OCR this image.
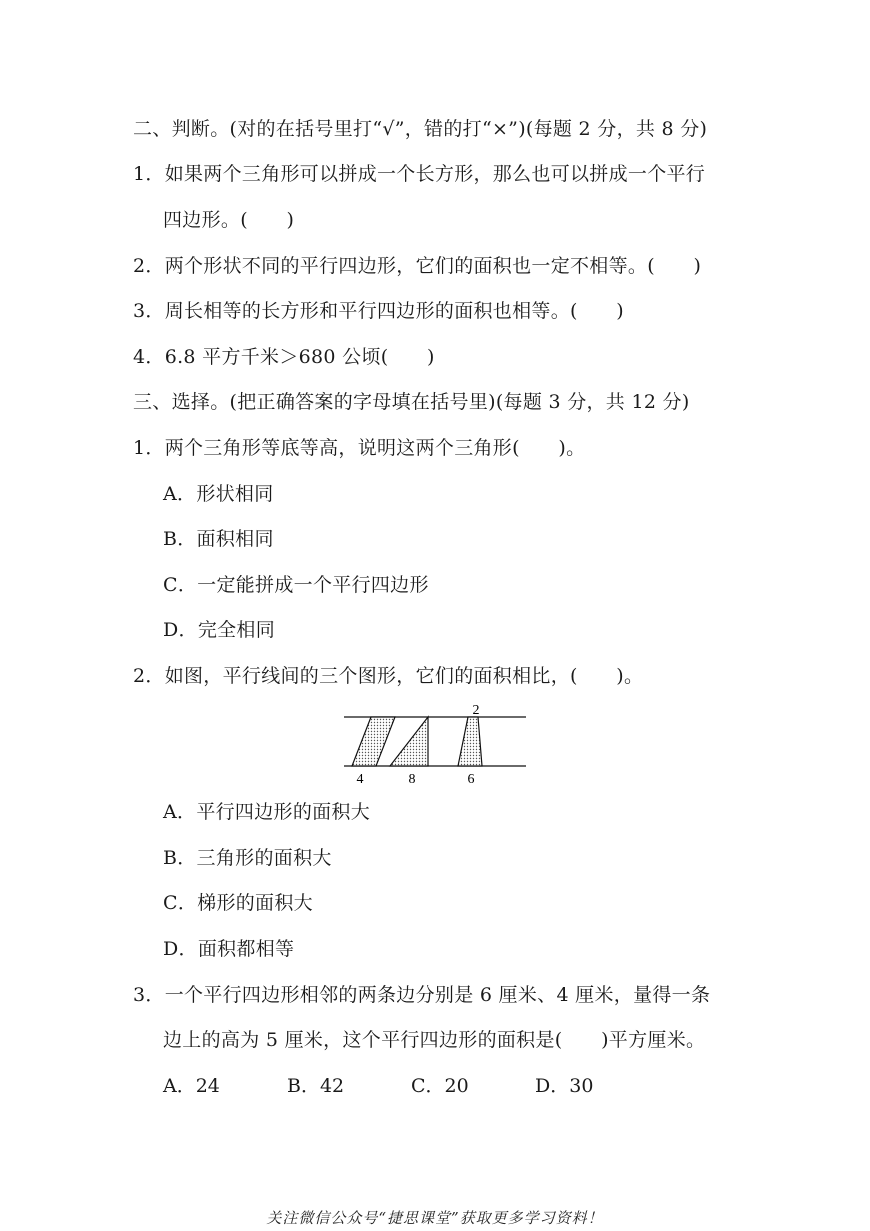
二、判断。(对的在括号里打“√”，错的打“×”)(每题 2 分，共 8 分)
1．如果两个三角形可以拼成一个长方形，那么也可以拼成一个平行
四边形。(　　)
2．两个形状不同的平行四边形，它们的面积也一定不相等。(　　)
3．周长相等的长方形和平行四边形的面积也相等。(　　)
4．6.8 平方千米＞680 公顷(　　)
三、选择。(把正确答案的字母填在括号里)(每题 3 分，共 12 分)
1．两个三角形等底等高，说明这两个三角形(　　)。
A．形状相同
B．面积相同
C．一定能拼成一个平行四边形
D．完全相同
2．如图，平行线间的三个图形，它们的面积相比，(　　)。
2
4	8	6
A．平行四边形的面积大
B．三角形的面积大
C．梯形的面积大
D．面积都相等
3．一个平行四边形相邻的两条边分别是 6 厘米、4 厘米，量得一条
边上的高为 5 厘米，这个平行四边形的面积是(　　)平方厘米。
A．24	B．42	C．20	D．30
关注微信公众号“捷思课堂”获取更多学习资料！
